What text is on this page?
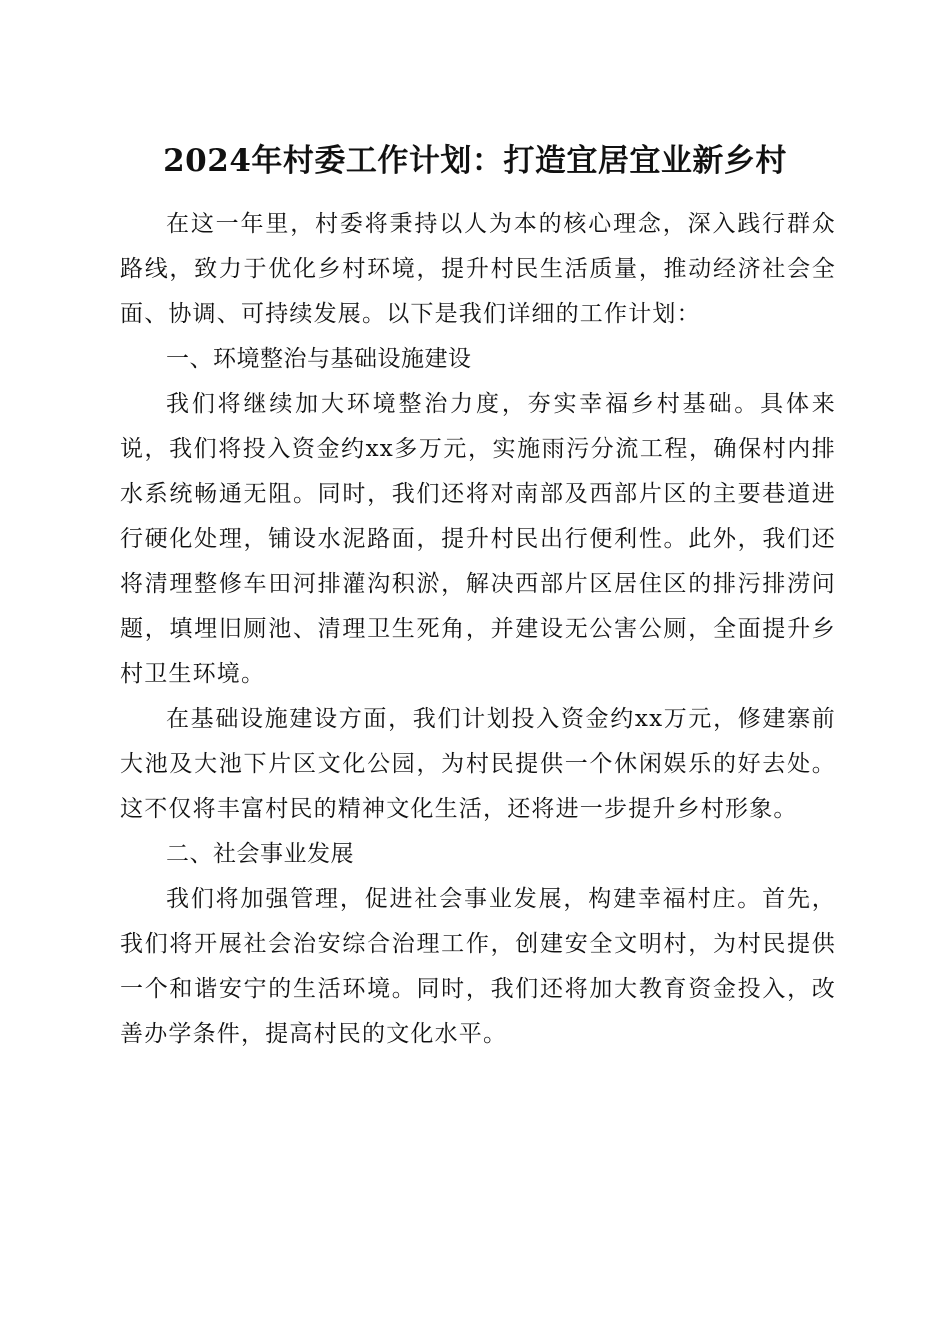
2024年村委工作计划：打造宜居宜业新乡村

在这一年里，村委将秉持以人为本的核心理念，深入践行群众路线，致力于优化乡村环境，提升村民生活质量，推动经济社会全面、协调、可持续发展。以下是我们详细的工作计划：

一、环境整治与基础设施建设

我们将继续加大环境整治力度，夯实幸福乡村基础。具体来说，我们将投入资金约xx多万元，实施雨污分流工程，确保村内排水系统畅通无阻。同时，我们还将对南部及西部片区的主要巷道进行硬化处理，铺设水泥路面，提升村民出行便利性。此外，我们还将清理整修车田河排灌沟积淤，解决西部片区居住区的排污排涝问题，填埋旧厕池、清理卫生死角，并建设无公害公厕，全面提升乡村卫生环境。

在基础设施建设方面，我们计划投入资金约xx万元，修建寨前大池及大池下片区文化公园，为村民提供一个休闲娱乐的好去处。这不仅将丰富村民的精神文化生活，还将进一步提升乡村形象。

二、社会事业发展

我们将加强管理，促进社会事业发展，构建幸福村庄。首先，我们将开展社会治安综合治理工作，创建安全文明村，为村民提供一个和谐安宁的生活环境。同时，我们还将加大教育资金投入，改善办学条件，提高村民的文化水平。
